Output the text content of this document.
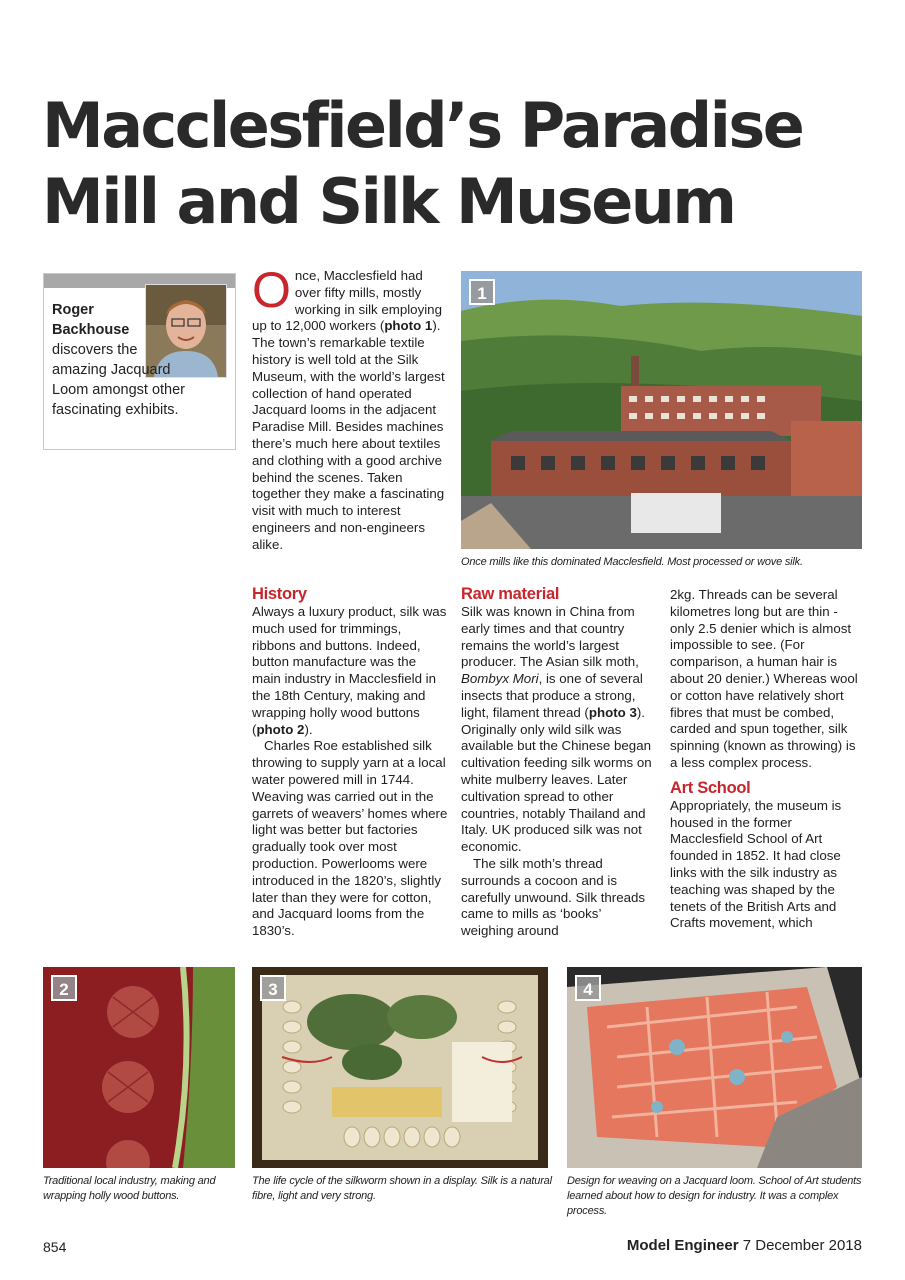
Macclesfield’s Paradise
Mill and Silk Museum
Roger
Backhouse

discovers the amazing Jacquard Loom amongst other fascinating exhibits.

Once, Macclesfield had over fifty mills, mostly working in silk employing up to 12,000 workers (photo 1). The town’s remarkable textile history is well told at the Silk Museum, with the world’s largest collection of hand operated Jacquard looms in the adjacent Paradise Mill. Besides machines there’s much here about textiles and clothing with a good archive behind the scenes. Taken together they make a fascinating visit with much to interest engineers and non-engineers alike.

History

Always a luxury product, silk was much used for trimmings, ribbons and buttons. Indeed, button manufacture was the main industry in Macclesfield in the 18th Century, making and wrapping holly wood buttons (photo 2).

Charles Roe established silk throwing to supply yarn at a local water powered mill in 1744. Weaving was carried out in the garrets of weavers’ homes where light was better but factories gradually took over most production. Powerlooms were introduced in the 1820’s, slightly later than they were for cotton, and Jacquard looms from the 1830’s.

1
Once mills like this dominated Macclesfield. Most processed or wove silk.
Raw material

Silk was known in China from early times and that country remains the world’s largest producer. The Asian silk moth, Bombyx Mori, is one of several insects that produce a strong, light, filament thread (photo 3). Originally only wild silk was available but the Chinese began cultivation feeding silk worms on white mulberry leaves. Later cultivation spread to other countries, notably Thailand and Italy. UK produced silk was not economic.

The silk moth’s thread surrounds a cocoon and is carefully unwound. Silk threads came to mills as ‘books’ weighing around

2kg. Threads can be several kilometres long but are thin - only 2.5 denier which is almost impossible to see. (For comparison, a human hair is about 20 denier.) Whereas wool or cotton have relatively short fibres that must be combed, carded and spun together, silk spinning (known as throwing) is a less complex process.

Art School

Appropriately, the museum is housed in the former Macclesfield School of Art founded in 1852. It had close links with the silk industry as teaching was shaped by the tenets of the British Arts and Crafts movement, which

2
Traditional local industry, making and wrapping holly wood buttons.
3
The life cycle of the silkworm shown in a display. Silk is a natural fibre, light and very strong.
4
Design for weaving on a Jacquard loom. School of Art students learned about how to design for industry. It was a complex process.
854	Model Engineer 7 December 2018
